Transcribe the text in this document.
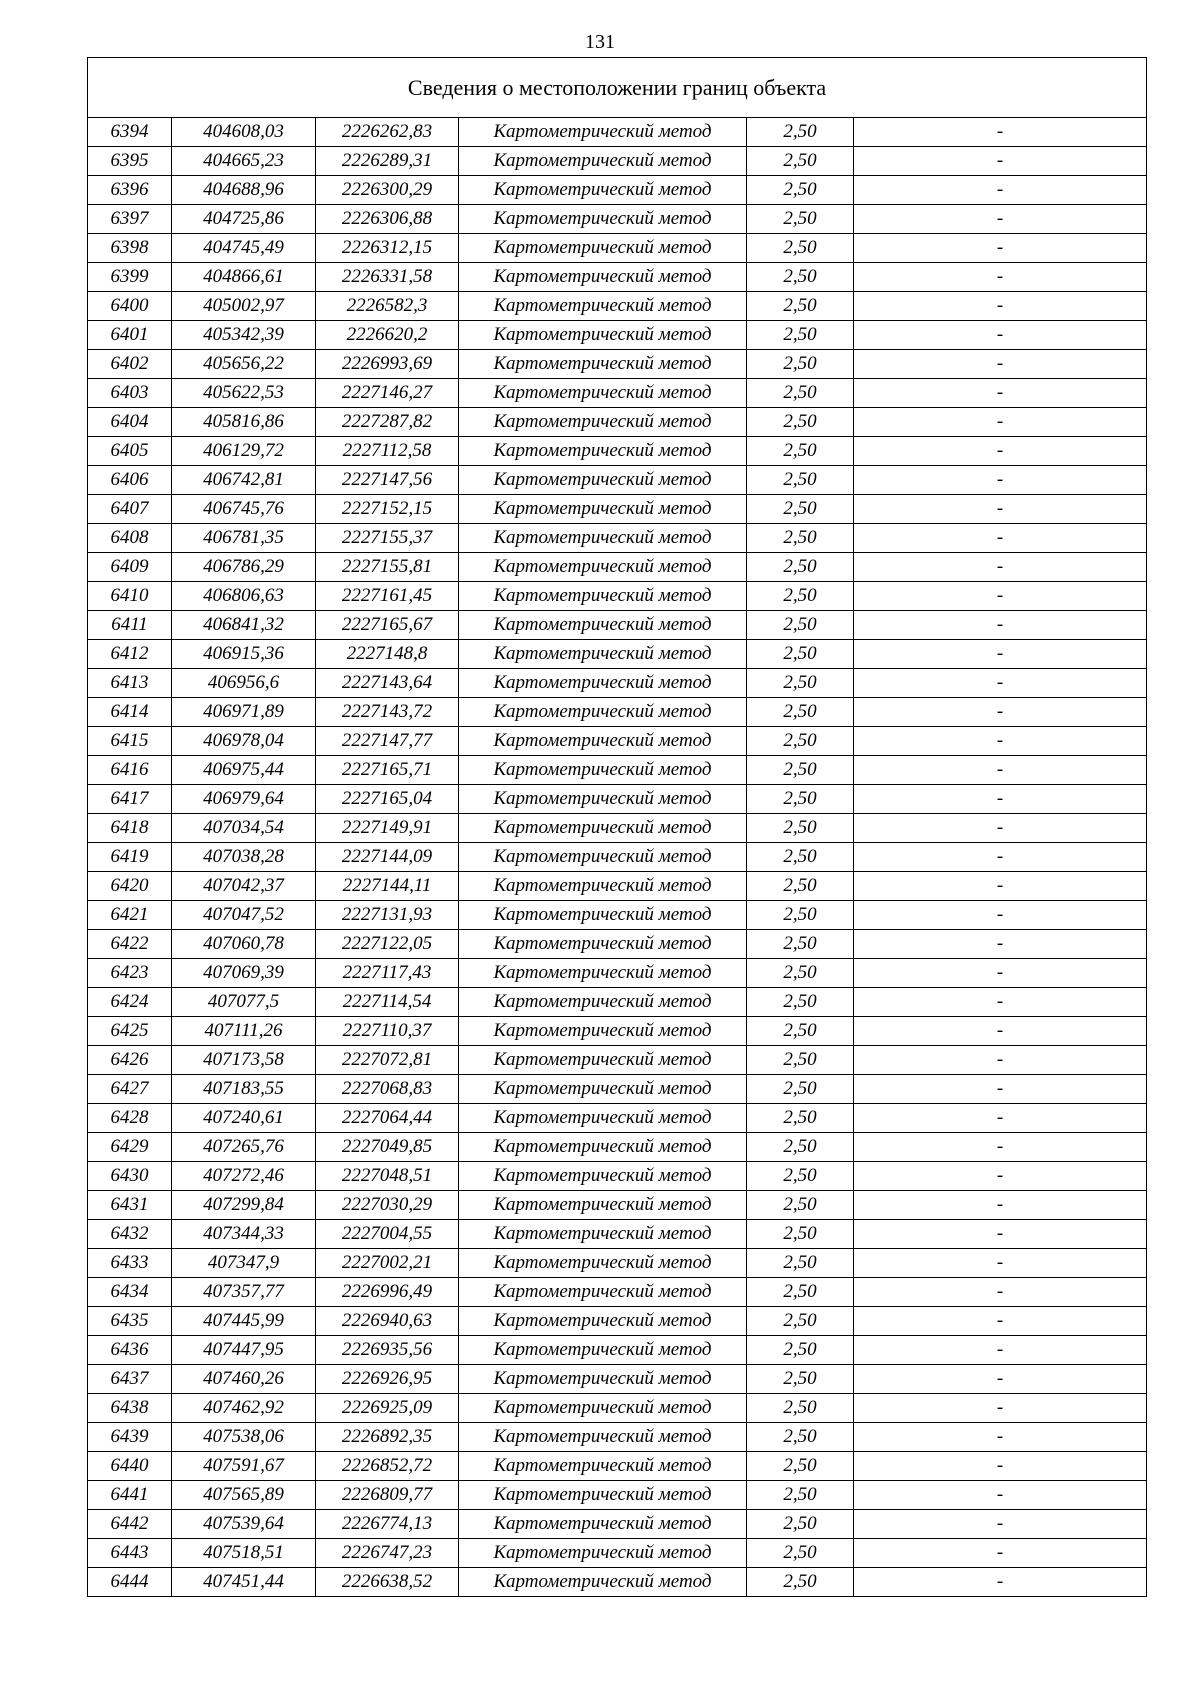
131
Сведения о местоположении границ объекта					
6394	404608,03	2226262,83	Картометрический метод	2,50	-
6395	404665,23	2226289,31	Картометрический метод	2,50	-
6396	404688,96	2226300,29	Картометрический метод	2,50	-
6397	404725,86	2226306,88	Картометрический метод	2,50	-
6398	404745,49	2226312,15	Картометрический метод	2,50	-
6399	404866,61	2226331,58	Картометрический метод	2,50	-
6400	405002,97	2226582,3	Картометрический метод	2,50	-
6401	405342,39	2226620,2	Картометрический метод	2,50	-
6402	405656,22	2226993,69	Картометрический метод	2,50	-
6403	405622,53	2227146,27	Картометрический метод	2,50	-
6404	405816,86	2227287,82	Картометрический метод	2,50	-
6405	406129,72	2227112,58	Картометрический метод	2,50	-
6406	406742,81	2227147,56	Картометрический метод	2,50	-
6407	406745,76	2227152,15	Картометрический метод	2,50	-
6408	406781,35	2227155,37	Картометрический метод	2,50	-
6409	406786,29	2227155,81	Картометрический метод	2,50	-
6410	406806,63	2227161,45	Картометрический метод	2,50	-
6411	406841,32	2227165,67	Картометрический метод	2,50	-
6412	406915,36	2227148,8	Картометрический метод	2,50	-
6413	406956,6	2227143,64	Картометрический метод	2,50	-
6414	406971,89	2227143,72	Картометрический метод	2,50	-
6415	406978,04	2227147,77	Картометрический метод	2,50	-
6416	406975,44	2227165,71	Картометрический метод	2,50	-
6417	406979,64	2227165,04	Картометрический метод	2,50	-
6418	407034,54	2227149,91	Картометрический метод	2,50	-
6419	407038,28	2227144,09	Картометрический метод	2,50	-
6420	407042,37	2227144,11	Картометрический метод	2,50	-
6421	407047,52	2227131,93	Картометрический метод	2,50	-
6422	407060,78	2227122,05	Картометрический метод	2,50	-
6423	407069,39	2227117,43	Картометрический метод	2,50	-
6424	407077,5	2227114,54	Картометрический метод	2,50	-
6425	407111,26	2227110,37	Картометрический метод	2,50	-
6426	407173,58	2227072,81	Картометрический метод	2,50	-
6427	407183,55	2227068,83	Картометрический метод	2,50	-
6428	407240,61	2227064,44	Картометрический метод	2,50	-
6429	407265,76	2227049,85	Картометрический метод	2,50	-
6430	407272,46	2227048,51	Картометрический метод	2,50	-
6431	407299,84	2227030,29	Картометрический метод	2,50	-
6432	407344,33	2227004,55	Картометрический метод	2,50	-
6433	407347,9	2227002,21	Картометрический метод	2,50	-
6434	407357,77	2226996,49	Картометрический метод	2,50	-
6435	407445,99	2226940,63	Картометрический метод	2,50	-
6436	407447,95	2226935,56	Картометрический метод	2,50	-
6437	407460,26	2226926,95	Картометрический метод	2,50	-
6438	407462,92	2226925,09	Картометрический метод	2,50	-
6439	407538,06	2226892,35	Картометрический метод	2,50	-
6440	407591,67	2226852,72	Картометрический метод	2,50	-
6441	407565,89	2226809,77	Картометрический метод	2,50	-
6442	407539,64	2226774,13	Картометрический метод	2,50	-
6443	407518,51	2226747,23	Картометрический метод	2,50	-
6444	407451,44	2226638,52	Картометрический метод	2,50	-
